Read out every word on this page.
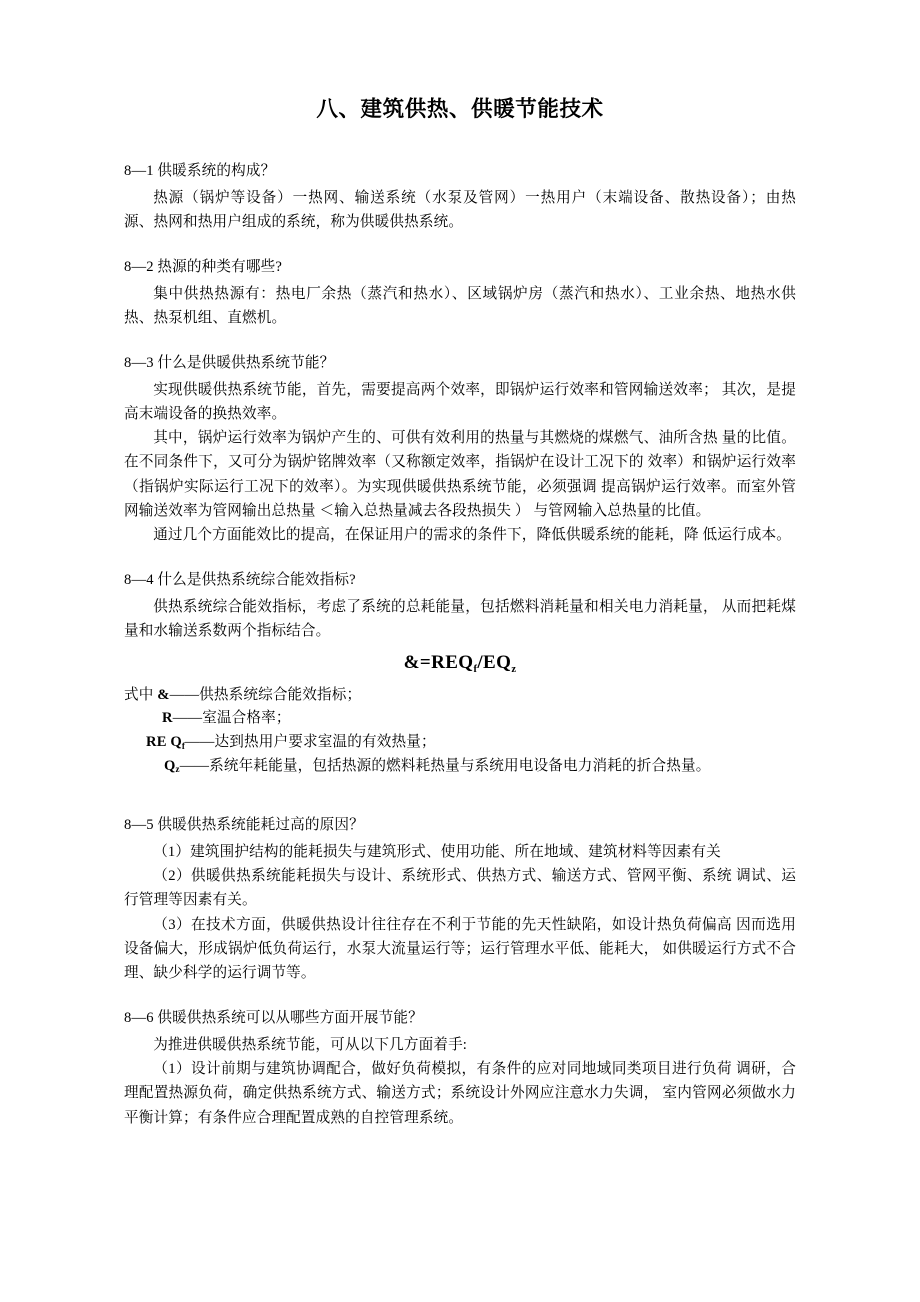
八、建筑供热、供暖节能技术

8—1 供暖系统的构成？

热源（锅炉等设备）一热网、输送系统（水泵及管网）一热用户（末端设备、散热设备）；由热 源、热网和热用户组成的系统，称为供暖供热系统。

8—2 热源的种类有哪些?

集中供热热源有：热电厂余热（蒸汽和热水）、区域锅炉房（蒸汽和热水）、工业余热、地热水供热、热泵机组、直燃机。

8—3 什么是供暖供热系统节能？

实现供暖供热系统节能，首先，需要提高两个效率，即锅炉运行效率和管网输送效率； 其次，是提高末端设备的换热效率。

其中，锅炉运行效率为锅炉产生的、可供有效利用的热量与其燃烧的煤燃气、油所含热 量的比值。在不同条件下，又可分为锅炉铭牌效率（又称额定效率，指锅炉在设计工况下的 效率）和锅炉运行效率（指锅炉实际运行工况下的效率）。为实现供暖供热系统节能，必须强调 提高锅炉运行效率。而室外管网输送效率为管网输出总热量 ＜输入总热量减去各段热损失 ） 与管网输入总热量的比值。

通过几个方面能效比的提高，在保证用户的需求的条件下，降低供暖系统的能耗，降 低运行成本。

8—4 什么是供热系统综合能效指标?

供热系统综合能效指标，考虑了系统的总耗能量，包括燃料消耗量和相关电力消耗量， 从而把耗煤量和水输送系数两个指标结合。

$\&=REQ_f/EQ_z$

式中 &——供热系统综合能效指标；

R——室温合格率；

RE $Q_f——$达到热用户要求室温的有效热量；

$Q_z——$系统年耗能量，包括热源的燃料耗热量与系统用电设备电力消耗的折合热量。

8—5 供暖供热系统能耗过高的原因？

（1）建筑围护结构的能耗损失与建筑形式、使用功能、所在地域、建筑材料等因素有关

（2）供暖供热系统能耗损失与设计、系统形式、供热方式、输送方式、管网平衡、系统 调试、运行管理等因素有关。

（3）在技术方面，供暖供热设计往往存在不利于节能的先天性缺陷，如设计热负荷偏高 因而选用设备偏大，形成锅炉低负荷运行，水泵大流量运行等；运行管理水平低、能耗大， 如供暖运行方式不合理、缺少科学的运行调节等。

8—6 供暖供热系统可以从哪些方面开展节能？

为推进供暖供热系统节能，可从以下几方面着手:

（1）设计前期与建筑协调配合，做好负荷模拟，有条件的应对同地域同类项目进行负荷 调研，合理配置热源负荷，确定供热系统方式、输送方式；系统设计外网应注意水力失调， 室内管网必须做水力平衡计算；有条件应合理配置成熟的自控管理系统。
